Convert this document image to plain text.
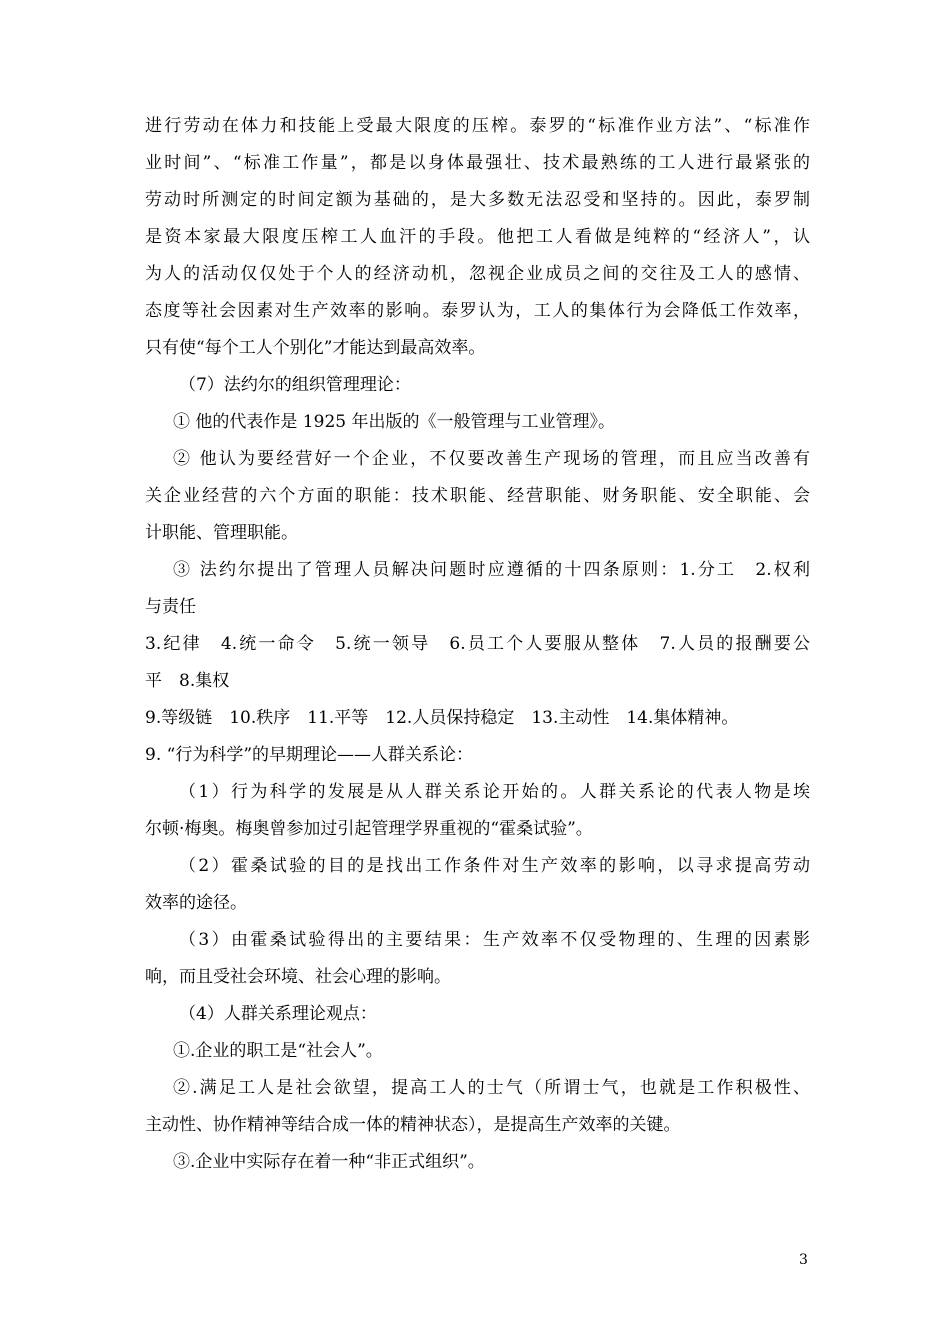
进行劳动在体力和技能上受最大限度的压榨。泰罗的“标准作业方法”、“标准作
业时间”、“标准工作量”，都是以身体最强壮、技术最熟练的工人进行最紧张的
劳动时所测定的时间定额为基础的，是大多数无法忍受和坚持的。因此，泰罗制
是资本家最大限度压榨工人血汗的手段。他把工人看做是纯粹的“经济人”，认
为人的活动仅仅处于个人的经济动机，忽视企业成员之间的交往及工人的感情、
态度等社会因素对生产效率的影响。泰罗认为，工人的集体行为会降低工作效率，
只有使“每个工人个别化”才能达到最高效率。
（7）法约尔的组织管理理论：
① 他的代表作是 1925 年出版的《一般管理与工业管理》。
② 他认为要经营好一个企业，不仅要改善生产现场的管理，而且应当改善有
关企业经营的六个方面的职能：技术职能、经营职能、财务职能、安全职能、会
计职能、管理职能。
③ 法约尔提出了管理人员解决问题时应遵循的十四条原则：1.分工　2.权利
与责任
3.纪律　4.统一命令　5.统一领导　6.员工个人要服从整体　7.人员的报酬要公
平　8.集权
9.等级链　10.秩序　11.平等　12.人员保持稳定　13.主动性　14.集体精神。
9. “行为科学”的早期理论——人群关系论：
（1）行为科学的发展是从人群关系论开始的。人群关系论的代表人物是埃
尔顿·梅奥。梅奥曾参加过引起管理学界重视的“霍桑试验”。
（2）霍桑试验的目的是找出工作条件对生产效率的影响，以寻求提高劳动
效率的途径。
（3）由霍桑试验得出的主要结果：生产效率不仅受物理的、生理的因素影
响，而且受社会环境、社会心理的影响。
（4）人群关系理论观点：
①.企业的职工是“社会人”。
②.满足工人是社会欲望，提高工人的士气（所谓士气，也就是工作积极性、
主动性、协作精神等结合成一体的精神状态），是提高生产效率的关键。
③.企业中实际存在着一种“非正式组织”。
3
